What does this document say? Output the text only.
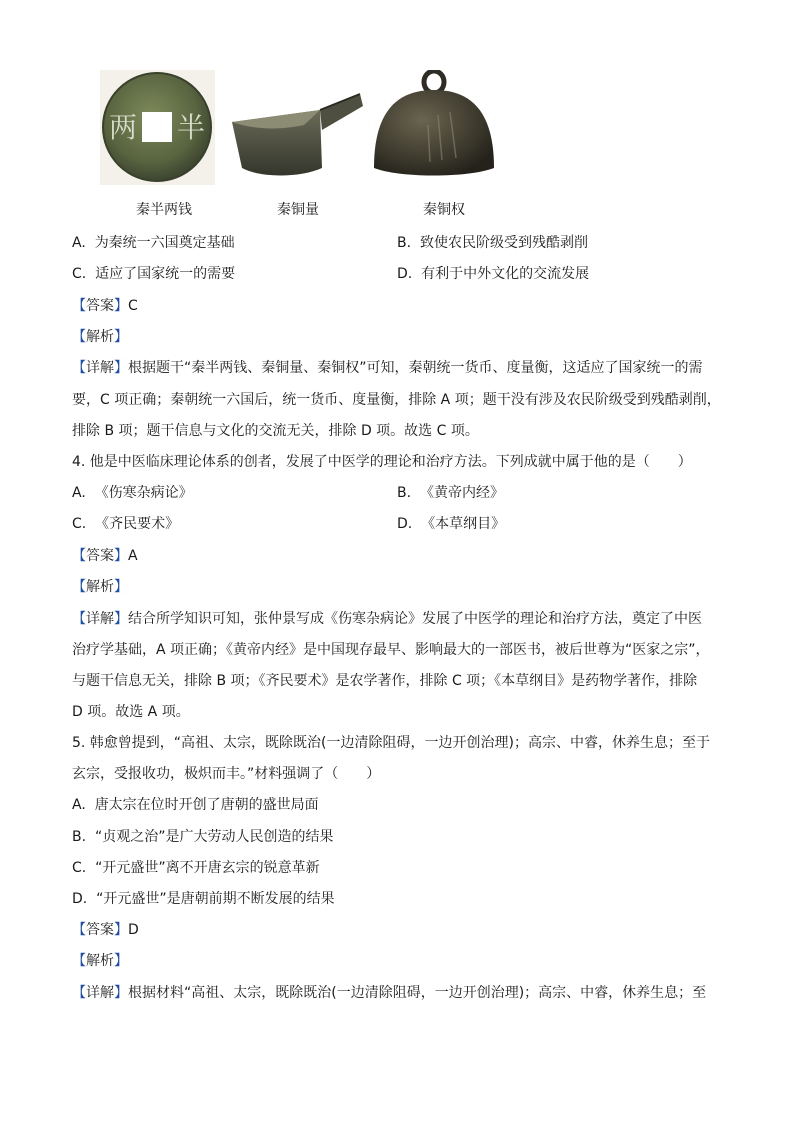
两 半
秦半两钱	秦铜量	秦铜权
A. 为秦统一六国奠定基础	B. 致使农民阶级受到残酷剥削
C. 适应了国家统一的需要	D. 有利于中外文化的交流发展
【答案】C
【解析】
【详解】根据题干“秦半两钱、秦铜量、秦铜权”可知，秦朝统一货币、度量衡，这适应了国家统一的需
要，C 项正确；秦朝统一六国后，统一货币、度量衡，排除 A 项；题干没有涉及农民阶级受到残酷剥削，
排除 B 项；题干信息与文化的交流无关，排除 D 项。故选 C 项。
4. 他是中医临床理论体系的创者，发展了中医学的理论和治疗方法。下列成就中属于他的是（　　）
A. 《伤寒杂病论》	B. 《黄帝内经》
C. 《齐民要术》	D. 《本草纲目》
【答案】A
【解析】
【详解】结合所学知识可知，张仲景写成《伤寒杂病论》发展了中医学的理论和治疗方法，奠定了中医
治疗学基础，A 项正确；《黄帝内经》是中国现存最早、影响最大的一部医书，被后世尊为“医家之宗”，
与题干信息无关，排除 B 项；《齐民要术》是农学著作，排除 C 项；《本草纲目》是药物学著作，排除
D 项。故选 A 项。
5. 韩愈曾提到，“高祖、太宗，既除既治(一边清除阻碍，一边开创治理)；高宗、中睿，休养生息；至于
玄宗，受报收功，极炽而丰。”材料强调了（　　）
A. 唐太宗在位时开创了唐朝的盛世局面
B. “贞观之治”是广大劳动人民创造的结果
C. “开元盛世”离不开唐玄宗的锐意革新
D. “开元盛世”是唐朝前期不断发展的结果
【答案】D
【解析】
【详解】根据材料“高祖、太宗，既除既治(一边清除阻碍，一边开创治理)；高宗、中睿，休养生息；至
